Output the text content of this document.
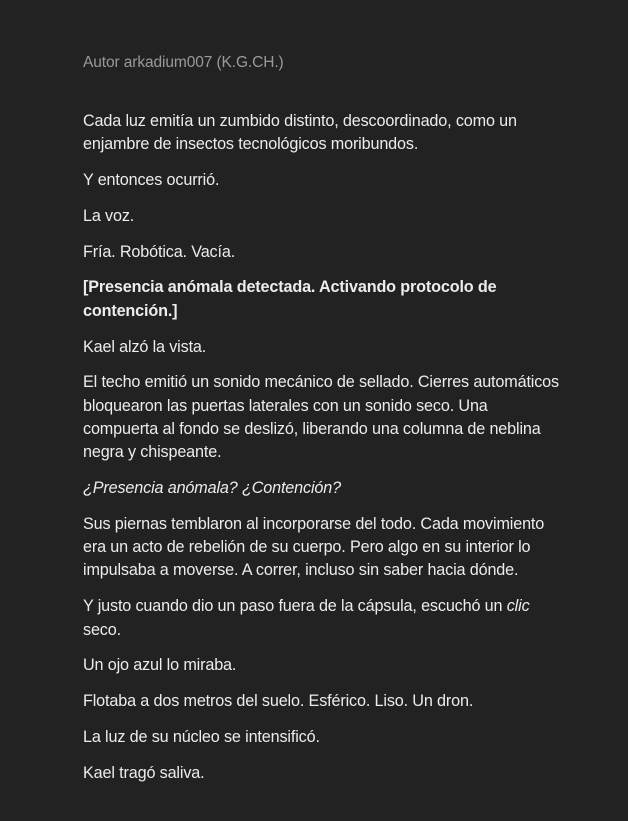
Autor arkadium007 (K.G.CH.)

Cada luz emitía un zumbido distinto, descoordinado, como un enjambre de insectos tecnológicos moribundos.

Y entonces ocurrió.

La voz.

Fría. Robótica. Vacía.

[Presencia anómala detectada. Activando protocolo de contención.]

Kael alzó la vista.

El techo emitió un sonido mecánico de sellado. Cierres automáticos bloquearon las puertas laterales con un sonido seco. Una compuerta al fondo se deslizó, liberando una columna de neblina negra y chispeante.

¿Presencia anómala? ¿Contención?

Sus piernas temblaron al incorporarse del todo. Cada movimiento era un acto de rebelión de su cuerpo. Pero algo en su interior lo impulsaba a moverse. A correr, incluso sin saber hacia dónde.

Y justo cuando dio un paso fuera de la cápsula, escuchó un clic seco.

Un ojo azul lo miraba.

Flotaba a dos metros del suelo. Esférico. Liso. Un dron.

La luz de su núcleo se intensificó.

Kael tragó saliva.
